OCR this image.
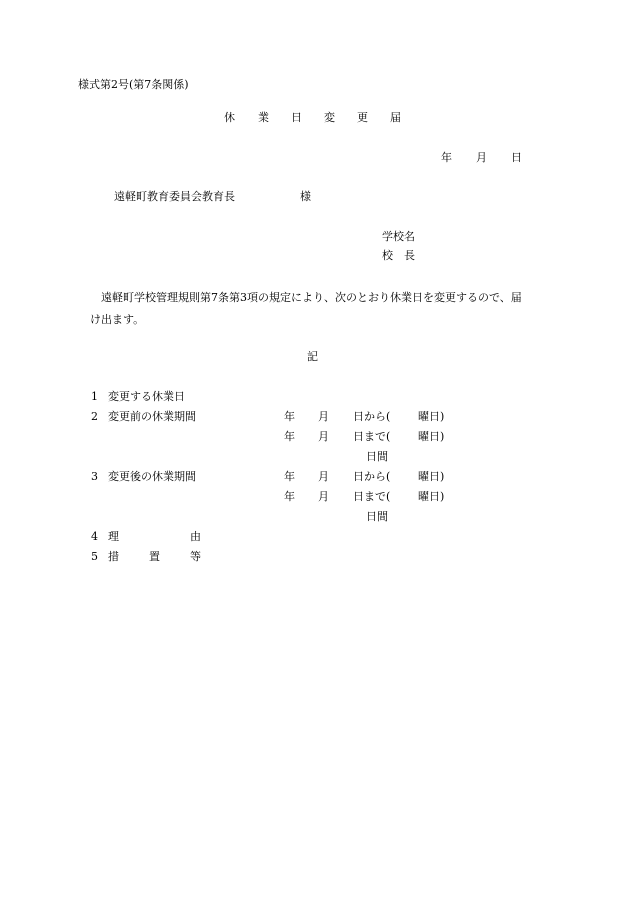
様式第2号(第7条関係)
休 業 日 変 更 届
年 月 日
遠軽町教育委員会教育長	様
学校名
校　長
遠軽町学校管理規則第7条第3項の規定により、次のとおり休業日を変更するので、届
け出ます。
記
1 変更する休業日
2 変更前の休業期間	年 月 日から(	曜日)
年 月 日まで(	曜日)
日間
3 変更後の休業期間	年 月 日から(	曜日)
年 月 日まで(	曜日)
日間
4 理	由
5 措	置	等
